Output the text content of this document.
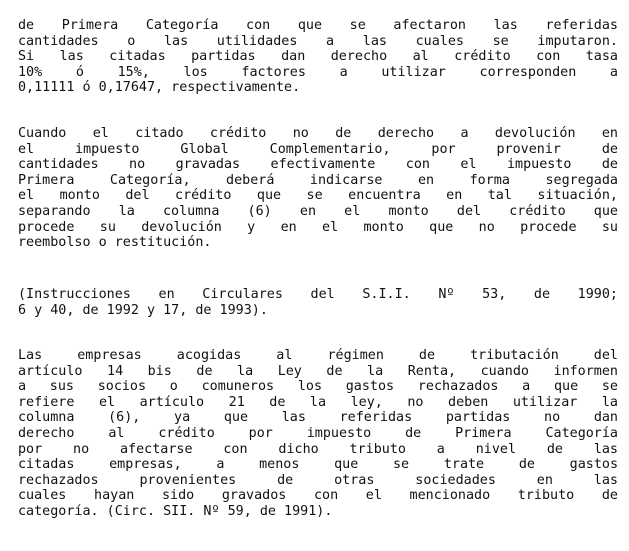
de Primera Categoría con que se afectaron las referidas
cantidades o las utilidades a las cuales se imputaron.
Si las citadas partidas dan derecho al crédito con tasa
10% ó 15%, los factores a utilizar corresponden a
0,11111 ó 0,17647, respectivamente.
Cuando el citado crédito no de derecho a devolución en
el impuesto Global Complementario, por provenir de
cantidades no gravadas efectivamente con el impuesto de
Primera Categoría, deberá indicarse en forma segregada
el monto del crédito que se encuentra en tal situación,
separando la columna (6) en el monto del crédito que
procede su devolución y en el monto que no procede su
reembolso o restitución.
(Instrucciones en Circulares del S.I.I. Nº 53, de 1990;
6 y 40, de 1992 y 17, de 1993).
Las empresas acogidas al régimen de tributación del
artículo 14 bis de la Ley de la Renta, cuando informen
a sus socios o comuneros los gastos rechazados a que se
refiere el artículo 21 de la ley, no deben utilizar la
columna (6), ya que las referidas partidas no dan
derecho al crédito por impuesto de Primera Categoría
por no afectarse con dicho tributo a nivel de las
citadas empresas, a menos que se trate de gastos
rechazados provenientes de otras sociedades en las
cuales hayan sido gravados con el mencionado tributo de
categoría. (Circ. SII. Nº 59, de 1991).
